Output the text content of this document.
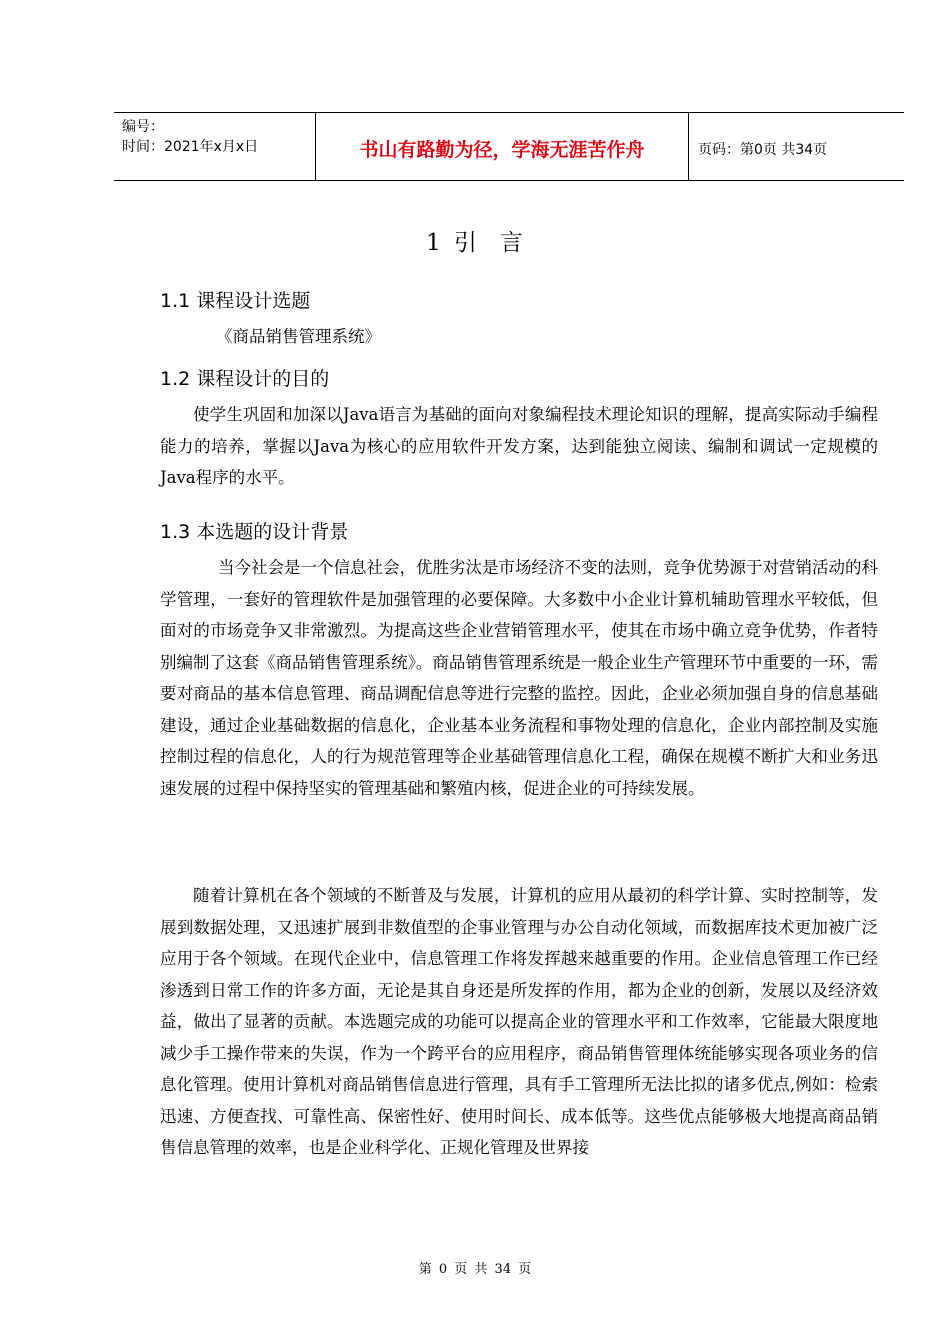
编号：
时间：2021年x月x日	书山有路勤为径，学海无涯苦作舟	页码：第0页 共34页
1 引 言
1.1 课程设计选题
《商品销售管理系统》
1.2 课程设计的目的

使学生巩固和加深以Java语言为基础的面向对象编程技术理论知识的理解，提高实际动手编程能力的培养，掌握以Java为核心的应用软件开发方案，达到能独立阅读、编制和调试一定规模的Java程序的水平。

1.3 本选题的设计背景

当今社会是一个信息社会，优胜劣汰是市场经济不变的法则，竞争优势源于对营销活动的科学管理，一套好的管理软件是加强管理的必要保障。大多数中小企业计算机辅助管理水平较低，但面对的市场竞争又非常激烈。为提高这些企业营销管理水平，使其在市场中确立竞争优势，作者特别编制了这套《商品销售管理系统》。商品销售管理系统是一般企业生产管理环节中重要的一环，需要对商品的基本信息管理、商品调配信息等进行完整的监控。因此，企业必须加强自身的信息基础建设，通过企业基础数据的信息化，企业基本业务流程和事物处理的信息化，企业内部控制及实施控制过程的信息化，人的行为规范管理等企业基础管理信息化工程，确保在规模不断扩大和业务迅速发展的过程中保持坚实的管理基础和繁殖内核，促进企业的可持续发展。

随着计算机在各个领域的不断普及与发展，计算机的应用从最初的科学计算、实时控制等，发展到数据处理，又迅速扩展到非数值型的企事业管理与办公自动化领域，而数据库技术更加被广泛应用于各个领域。在现代企业中，信息管理工作将发挥越来越重要的作用。企业信息管理工作已经渗透到日常工作的许多方面，无论是其自身还是所发挥的作用，都为企业的创新，发展以及经济效益，做出了显著的贡献。本选题完成的功能可以提高企业的管理水平和工作效率，它能最大限度地减少手工操作带来的失误，作为一个跨平台的应用程序，商品销售管理体统能够实现各项业务的信息化管理。使用计算机对商品销售信息进行管理，具有手工管理所无法比拟的诸多优点,例如：检索迅速、方便查找、可靠性高、保密性好、使用时间长、成本低等。这些优点能够极大地提高商品销售信息管理的效率，也是企业科学化、正规化管理及世界接

第 0 页 共 34 页
